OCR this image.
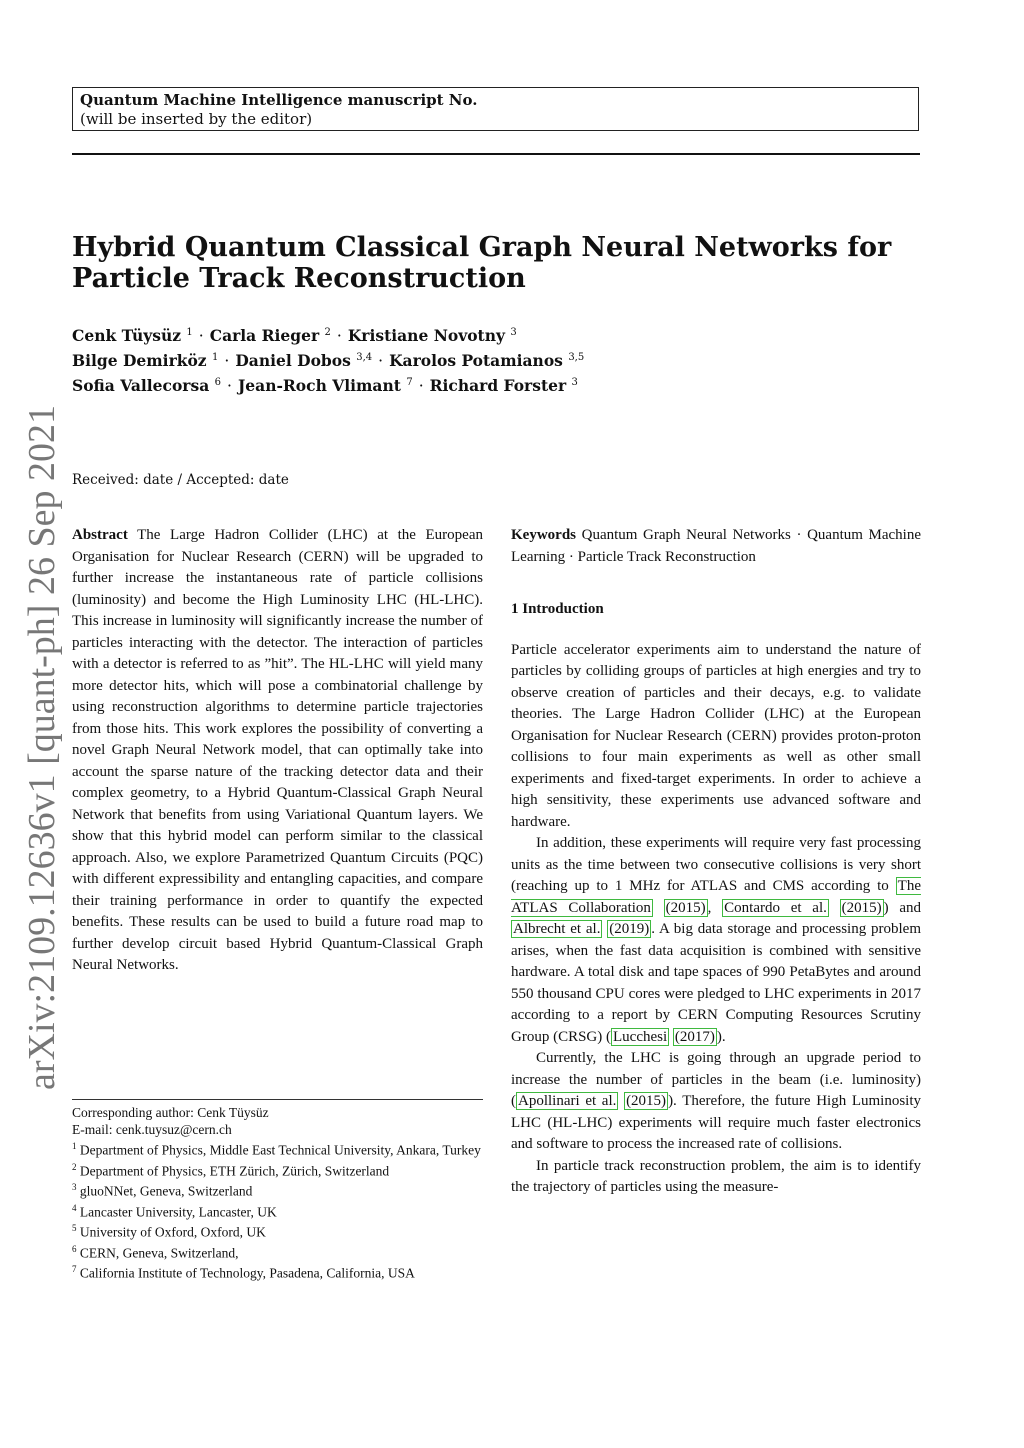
Quantum Machine Intelligence manuscript No.
(will be inserted by the editor)
Hybrid Quantum Classical Graph Neural Networks for Particle Track Reconstruction
Cenk Tüysüz $^1$ · Carla Rieger $^2$ · Kristiane Novotny $^3$
Bilge Demirköz $^1$ · Daniel Dobos $^{3,4}$ · Karolos Potamianos $^{3,5}$
Sofia Vallecorsa $^6$ · Jean-Roch Vlimant $^7$ · Richard Forster $^3$
arXiv:2109.12636v1 [quant-ph] 26 Sep 2021 Received: date / Accepted: date

Abstract The Large Hadron Collider (LHC) at the European Organisation for Nuclear Research (CERN) will be upgraded to further increase the instantaneous rate of particle collisions (luminosity) and become the High Luminosity LHC (HL-LHC). This increase in luminosity will significantly increase the number of particles interacting with the detector. The interaction of particles with a detector is referred to as ”hit”. The HL-LHC will yield many more detector hits, which will pose a combinatorial challenge by using reconstruction algorithms to determine particle trajectories from those hits. This work explores the possibility of converting a novel Graph Neural Network model, that can optimally take into account the sparse nature of the tracking detector data and their complex geometry, to a Hybrid Quantum-Classical Graph Neural Network that benefits from using Variational Quantum layers. We show that this hybrid model can perform similar to the classical approach. Also, we explore Parametrized Quantum Circuits (PQC) with different expressibility and entangling capacities, and compare their training performance in order to quantify the expected benefits. These results can be used to build a future road map to further develop circuit based Hybrid Quantum-Classical Graph Neural Networks.

Corresponding author: Cenk Tüysüz
E-mail: cenk.tuysuz@cern.ch
$^1$ Department of Physics, Middle East Technical University, Ankara, Turkey
$^2$ Department of Physics, ETH Zürich, Zürich, Switzerland
$^3$ gluoNNet, Geneva, Switzerland
$^4$ Lancaster University, Lancaster, UK
$^5$ University of Oxford, Oxford, UK
$^6$ CERN, Geneva, Switzerland,
$^7$ California Institute of Technology, Pasadena, California, USA

Keywords Quantum Graph Neural Networks · Quantum Machine Learning · Particle Track Reconstruction

1 Introduction

Particle accelerator experiments aim to understand the nature of particles by colliding groups of particles at high energies and try to observe creation of particles and their decays, e.g. to validate theories. The Large Hadron Collider (LHC) at the European Organisation for Nuclear Research (CERN) provides proton-proton collisions to four main experiments as well as other small experiments and fixed-target experiments. In order to achieve a high sensitivity, these experiments use advanced software and hardware.

In addition, these experiments will require very fast processing units as the time between two consecutive collisions is very short (reaching up to 1 MHz for ATLAS and CMS according to The ATLAS Collaboration (2015) , Contardo et al. (2015) ) and Albrecht et al. (2019) . A big data storage and processing problem arises, when the fast data acquisition is combined with sensitive hardware. A total disk and tape spaces of 990 PetaBytes and around 550 thousand CPU cores were pledged to LHC experiments in 2017 according to a report by CERN Computing Resources Scrutiny Group (CRSG) ( Lucchesi (2017) ).

Currently, the LHC is going through an upgrade period to increase the number of particles in the beam (i.e. luminosity) ( Apollinari et al. (2015) ). Therefore, the future High Luminosity LHC (HL-LHC) experiments will require much faster electronics and software to process the increased rate of collisions.

In particle track reconstruction problem, the aim is to identify the trajectory of particles using the measure-
